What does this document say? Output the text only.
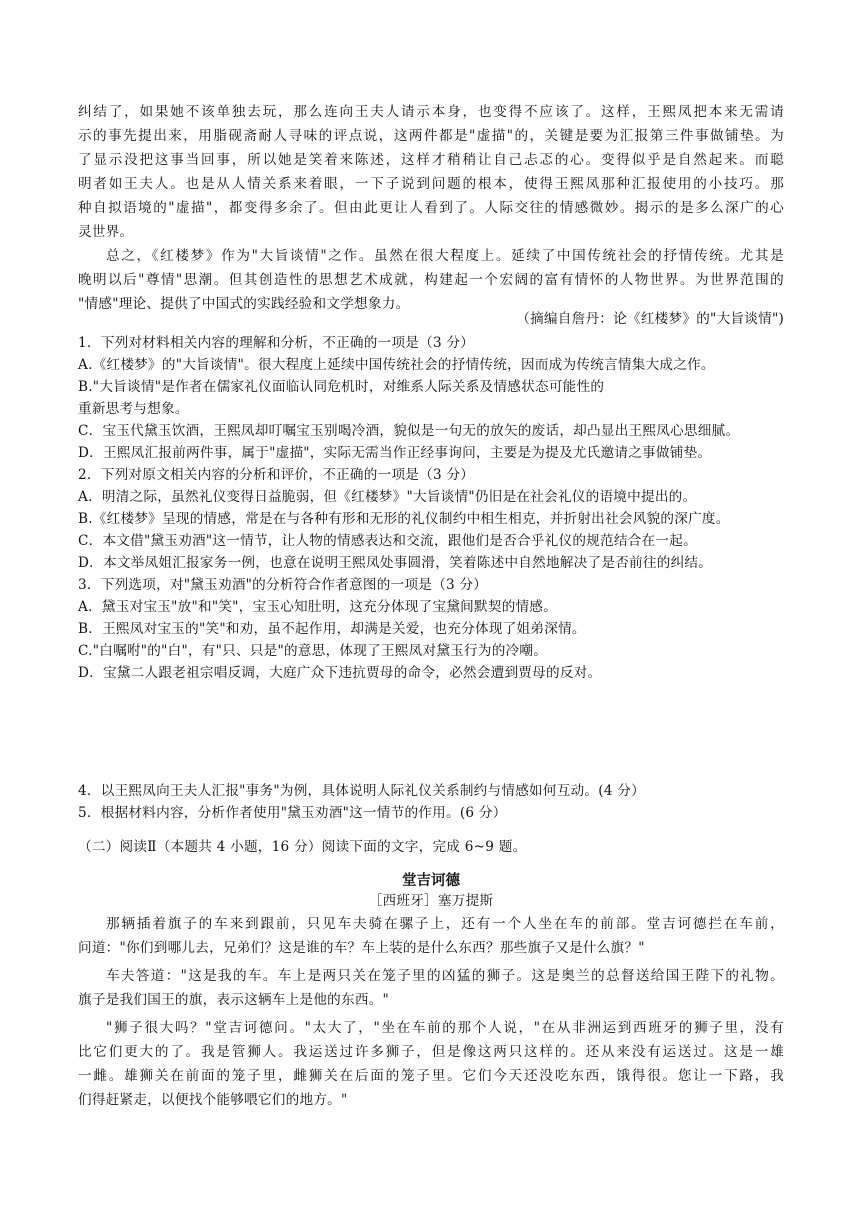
纠结了，如果她不该单独去玩，那么连向王夫人请示本身，也变得不应该了。这样，王熙凤把本来无需请
示的事先提出来，用脂砚斋耐人寻味的评点说，这两件都是"虚描"的，关键是要为汇报第三件事做铺垫。为
了显示没把这事当回事，所以她是笑着来陈述，这样才稍稍让自己忐忑的心。变得似乎是自然起来。而聪
明者如王夫人。也是从人情关系来着眼，一下子说到问题的根本，使得王熙凤那种汇报使用的小技巧。那
种自拟语境的"虚描"，都变得多余了。但由此更让人看到了。人际交往的情感微妙。揭示的是多么深广的心
灵世界。
总之，《红楼梦》作为"大旨谈情"之作。虽然在很大程度上。延续了中国传统社会的抒情传统。尤其是
晚明以后"尊情"思潮。但其创造性的思想艺术成就，构建起一个宏阔的富有情怀的人物世界。为世界范围的
"情感"理论、提供了中国式的实践经验和文学想象力。
（摘编自詹丹：论《红楼梦》的"大旨谈情")
1．下列对材料相关内容的理解和分析，不正确的一项是（3 分）
A.《红楼梦》的"大旨谈情"。很大程度上延续中国传统社会的抒情传统，因而成为传统言情集大成之作。
B."大旨谈情"是作者在儒家礼仪面临认同危机时，对维系人际关系及情感状态可能性的
重新思考与想象。
C．宝玉代黛玉饮酒，王熙凤却叮嘱宝玉别喝冷酒，貌似是一句无的放矢的废话，却凸显出王熙凤心思细腻。
D．王熙凤汇报前两件事，属于"虚描"，实际无需当作正经事询问，主要是为提及尤氏邀请之事做铺垫。
2．下列对原文相关内容的分析和评价，不正确的一项是（3 分）
A．明清之际，虽然礼仪变得日益脆弱，但《红楼梦》"大旨谈情"仍旧是在社会礼仪的语境中提出的。
B.《红楼梦》呈现的情感，常是在与各种有形和无形的礼仪制约中相生相克，并折射出社会风貌的深广度。
C．本文借"黛玉劝酒"这一情节，让人物的情感表达和交流，跟他们是否合乎礼仪的规范结合在一起。
D．本文举凤姐汇报家务一例，也意在说明王熙凤处事圆滑，笑着陈述中自然地解决了是否前往的纠结。
3．下列选项，对"黛玉劝酒"的分析符合作者意图的一项是（3 分）
A．黛玉对宝玉"放"和"笑"，宝玉心知肚明，这充分体现了宝黛间默契的情感。
B．王熙凤对宝玉的"笑"和劝，虽不起作用，却满是关爱，也充分体现了姐弟深情。
C."白嘱咐"的"白"，有"只、只是"的意思，体现了王熙凤对黛玉行为的冷嘲。
D．宝黛二人跟老祖宗唱反调，大庭广众下违抗贾母的命令，必然会遭到贾母的反对。
4．以王熙凤向王夫人汇报"事务"为例，具体说明人际礼仪关系制约与情感如何互动。(4 分）
5．根据材料内容，分析作者使用"黛玉劝酒"这一情节的作用。(6 分）
（二）阅读Ⅱ（本题共 4 小题，16 分）阅读下面的文字，完成 6~9 题。
堂吉诃德
［西班牙］塞万提斯
那辆插着旗子的车来到跟前，只见车夫骑在骡子上，还有一个人坐在车的前部。堂吉诃德拦在车前，
问道："你们到哪儿去，兄弟们？这是谁的车？车上装的是什么东西？那些旗子又是什么旗？"
车夫答道："这是我的车。车上是两只关在笼子里的凶猛的狮子。这是奥兰的总督送给国王陛下的礼物。
旗子是我们国王的旗，表示这辆车上是他的东西。"
"狮子很大吗？"堂吉诃德问。"太大了，"坐在车前的那个人说，"在从非洲运到西班牙的狮子里，没有
比它们更大的了。我是管狮人。我运送过许多狮子，但是像这两只这样的。还从来没有运送过。这是一雄
一雌。雄狮关在前面的笼子里，雌狮关在后面的笼子里。它们今天还没吃东西，饿得很。您让一下路，我
们得赶紧走，以便找个能够喂它们的地方。"
